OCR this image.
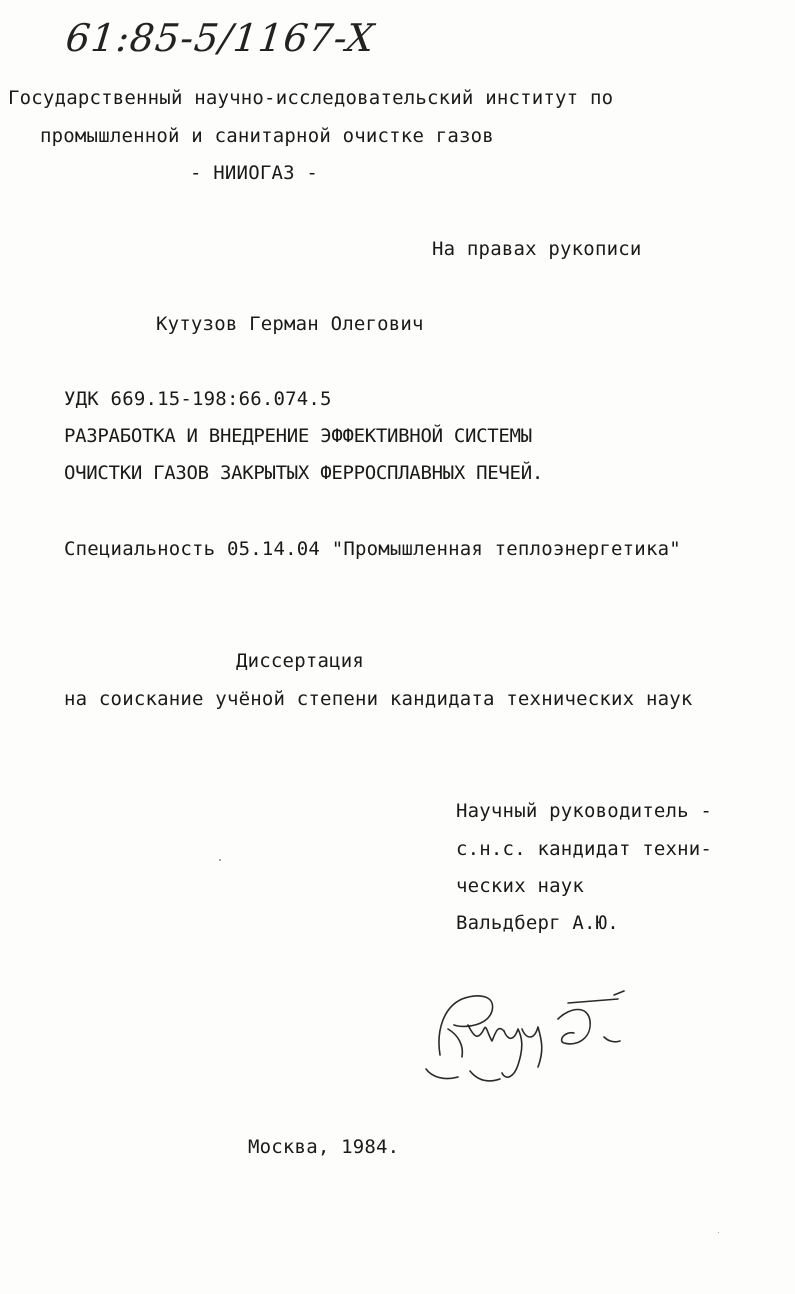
61:85-5/1167-X
Государственный научно-исследовательский институт по
промышленной и санитарной очистке газов
- НИИОГАЗ -
На правах рукописи
Кутузов Герман Олегович
УДК 669.15-198:66.074.5
РАЗРАБОТКА И ВНЕДРЕНИЕ ЭФФЕКТИВНОЙ СИСТЕМЫ
ОЧИСТКИ ГАЗОВ ЗАКРЫТЫХ ФЕРРОСПЛАВНЫХ ПЕЧЕЙ.
Специальность 05.14.04 "Промышленная теплоэнергетика"
Диссертация
на соискание учёной степени кандидата технических наук
Научный руководитель -
с.н.с. кандидат техни-
ческих наук
Вальдберг А.Ю.
Москва, 1984.
